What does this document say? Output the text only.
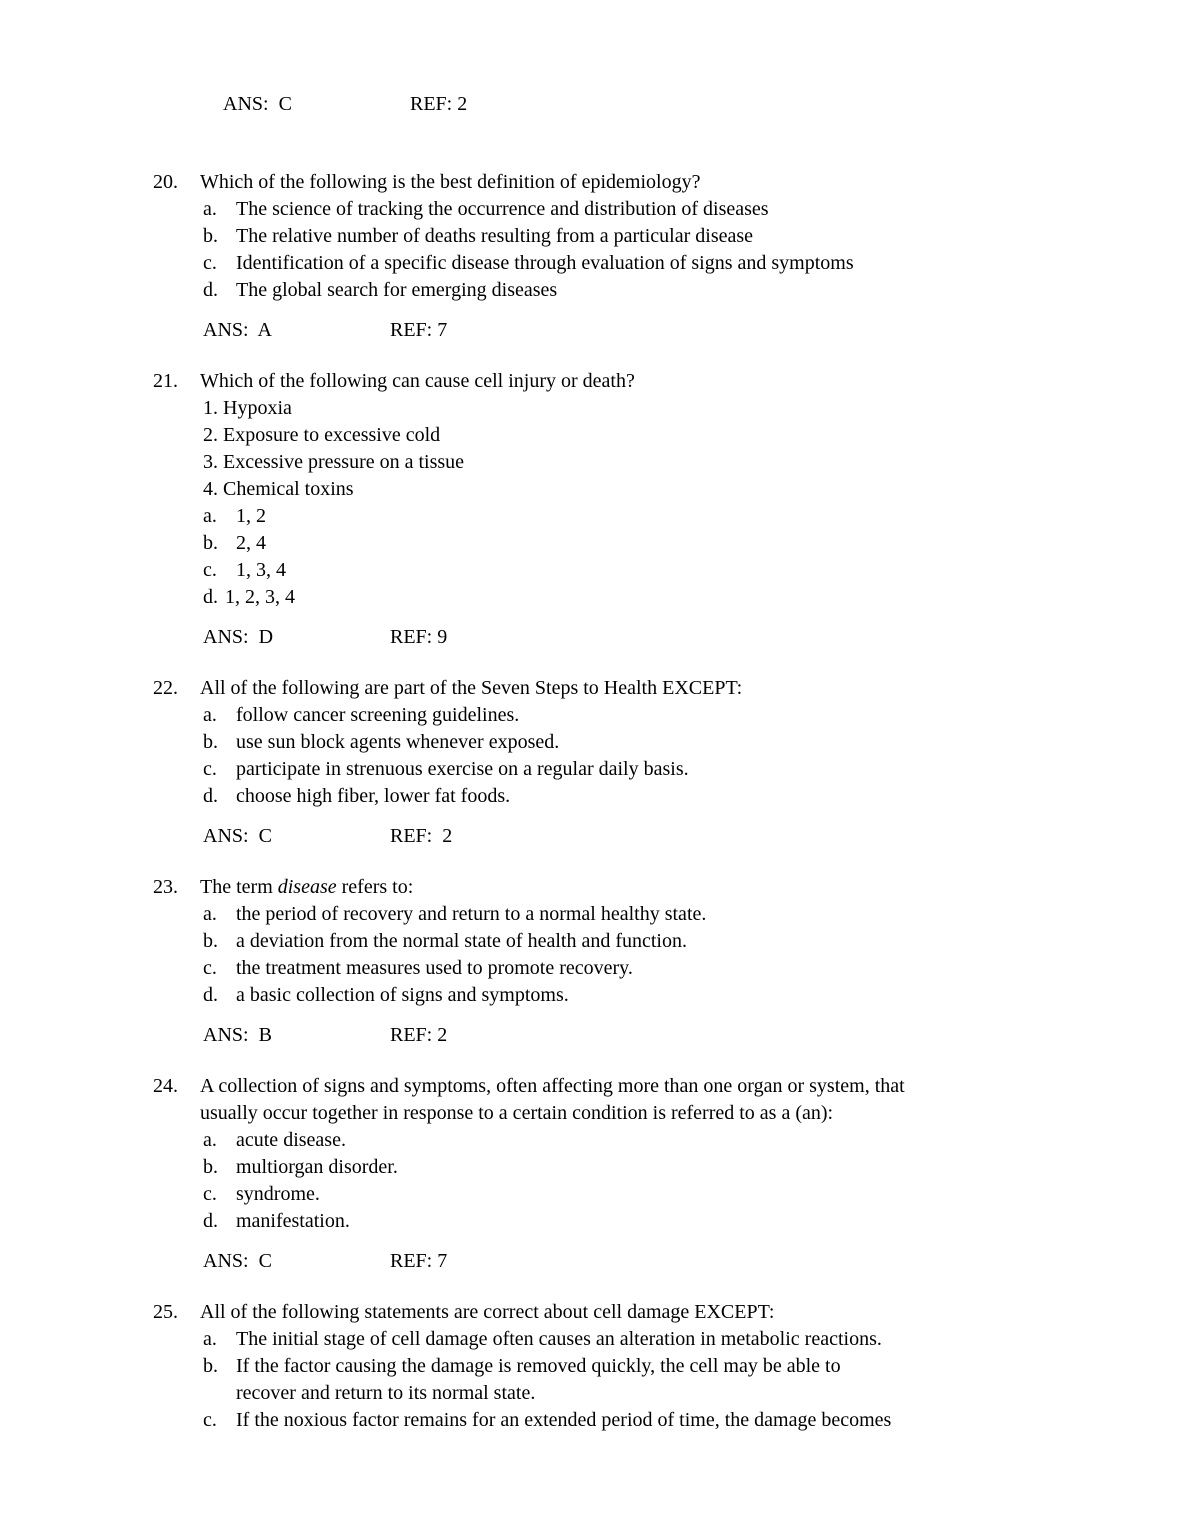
ANS:  C	REF: 2

20.	Which of the following is the best definition of epidemiology?
a. The science of tracking the occurrence and distribution of diseases
b. The relative number of deaths resulting from a particular disease
c. Identification of a specific disease through evaluation of signs and symptoms
d. The global search for emerging diseases
ANS:  A	REF: 7
21.	Which of the following can cause cell injury or death?
1. Hypoxia
2. Exposure to excessive cold
3. Excessive pressure on a tissue
4. Chemical toxins
a. 1, 2
b. 2, 4
c. 1, 3, 4
d. 1, 2, 3, 4
ANS:  D	REF: 9
22.	All of the following are part of the Seven Steps to Health EXCEPT:
a. follow cancer screening guidelines.
b. use sun block agents whenever exposed.
c. participate in strenuous exercise on a regular daily basis.
d. choose high fiber, lower fat foods.
ANS:  C	REF:  2
23.	The term disease refers to:
a. the period of recovery and return to a normal healthy state.
b. a deviation from the normal state of health and function.
c. the treatment measures used to promote recovery.
d. a basic collection of signs and symptoms.
ANS:  B	REF: 2
24.	A collection of signs and symptoms, often affecting more than one organ or system, that
usually occur together in response to a certain condition is referred to as a (an):
a. acute disease.
b. multiorgan disorder.
c. syndrome.
d. manifestation.
ANS:  C	REF: 7
25.	All of the following statements are correct about cell damage EXCEPT:
a. The initial stage of cell damage often causes an alteration in metabolic reactions.
b. If the factor causing the damage is removed quickly, the cell may be able to
recover and return to its normal state.
c. If the noxious factor remains for an extended period of time, the damage becomes
